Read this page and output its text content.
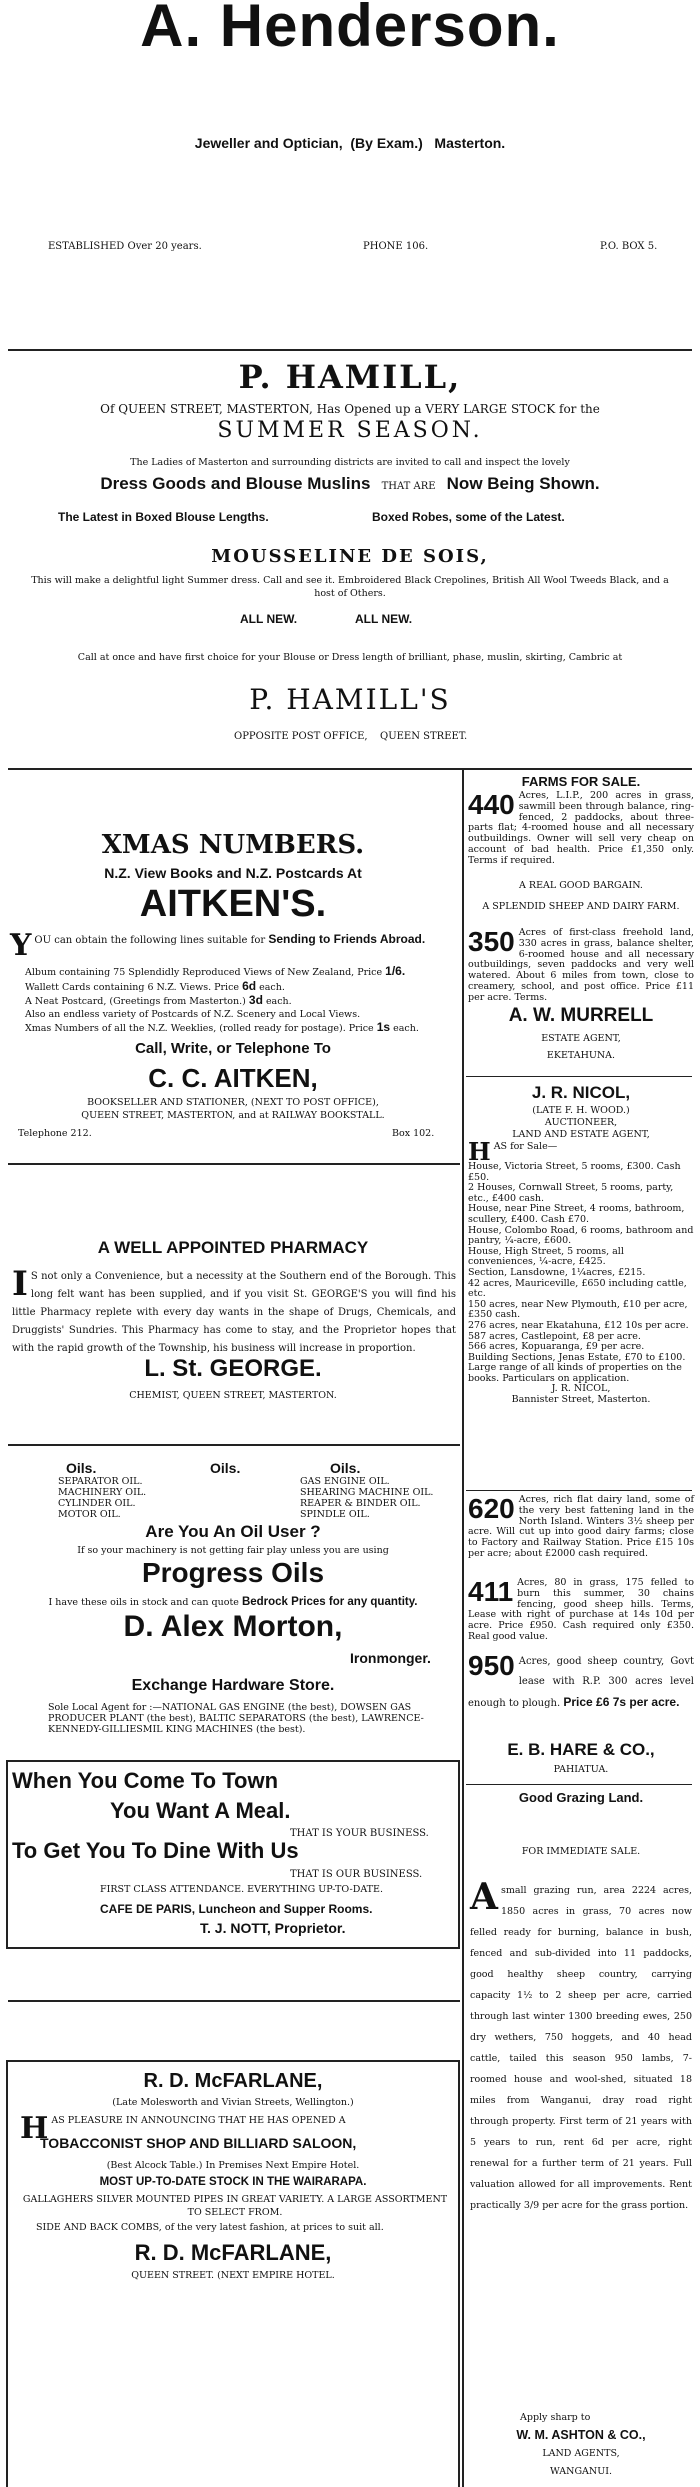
A. Henderson.
Jeweller and Optician,  (By Exam.)   Masterton.
ESTABLISHED Over 20 years.	PHONE 106.	P.O. BOX 5.
P. HAMILL,
Of QUEEN STREET, MASTERTON, Has Opened up a VERY LARGE STOCK for the
SUMMER SEASON.
The Ladies of Masterton and surrounding districts are invited to call and inspect the lovely
Dress Goods and Blouse Muslins THAT ARE Now Being Shown.
The Latest in Boxed Blouse Lengths.	Boxed Robes, some of the Latest.
MOUSSELINE DE SOIS,
This will make a delightful light Summer dress. Call and see it. Embroidered Black Crepolines, British All Wool Tweeds Black, and a host of Others.
ALL NEW.	ALL NEW.
Call at once and have first choice for your Blouse or Dress length of brilliant, phase, muslin, skirting, Cambric at
P. HAMILL'S
OPPOSITE POST OFFICE, QUEEN STREET.
XMAS NUMBERS.
N.Z. View Books and N.Z. Postcards At
AITKEN'S.
Y OU can obtain the following lines suitable for Sending to Friends Abroad.

Album containing 75 Splendidly Reproduced Views of New Zealand, Price 1/6.

Wallett Cards containing 6 N.Z. Views. Price 6d each.

A Neat Postcard, (Greetings from Masterton.) 3d each.

Also an endless variety of Postcards of N.Z. Scenery and Local Views.

Xmas Numbers of all the N.Z. Weeklies, (rolled ready for postage). Price 1s each.

Call, Write, or Telephone To
C. C. AITKEN,
BOOKSELLER AND STATIONER, (NEXT TO POST OFFICE),
QUEEN STREET, MASTERTON, and at RAILWAY BOOKSTALL.
Telephone 212.	Box 102.
A WELL APPOINTED PHARMACY
I S not only a Convenience, but a necessity at the Southern end of the Borough. This long felt want has been supplied, and if you visit St. GEORGE'S you will find his little Pharmacy replete with every day wants in the shape of Drugs, Chemicals, and Druggists' Sundries. This Pharmacy has come to stay, and the Proprietor hopes that with the rapid growth of the Township, his business will increase in proportion.
L. St. GEORGE.
CHEMIST, QUEEN STREET, MASTERTON.
Oils.	Oils.	Oils.

SEPARATOR OIL.

MACHINERY OIL.

CYLINDER OIL.

MOTOR OIL.

GAS ENGINE OIL.

SHEARING MACHINE OIL.

REAPER & BINDER OIL.

SPINDLE OIL.

Are You An Oil User ?
If so your machinery is not getting fair play unless you are using
Progress Oils
I have these oils in stock and can quote Bedrock Prices for any quantity.
D. Alex Morton,
Ironmonger.
Exchange Hardware Store.
Sole Local Agent for :—NATIONAL GAS ENGINE (the best), DOWSEN GAS PRODUCER PLANT (the best), BALTIC SEPARATORS (the best), LAWRENCE-KENNEDY-GILLIESMIL KING MACHINES (the best).
When You Come To Town
You Want A Meal.
THAT IS YOUR BUSINESS.
To Get You To Dine With Us
THAT IS OUR BUSINESS.
FIRST CLASS ATTENDANCE. EVERYTHING UP-TO-DATE.
CAFE DE PARIS, Luncheon and Supper Rooms.
T. J. NOTT, Proprietor.
R. D. McFARLANE,
(Late Molesworth and Vivian Streets, Wellington.)
H AS PLEASURE IN ANNOUNCING THAT HE HAS OPENED A
TOBACCONIST SHOP AND BILLIARD SALOON,
(Best Alcock Table.) In Premises Next Empire Hotel.
MOST UP-TO-DATE STOCK IN THE WAIRARAPA.
GALLAGHERS SILVER MOUNTED PIPES IN GREAT VARIETY. A LARGE ASSORTMENT TO SELECT FROM.
SIDE AND BACK COMBS, of the very latest fashion, at prices to suit all.
R. D. McFARLANE,
QUEEN STREET. (NEXT EMPIRE HOTEL.
FARMS FOR SALE.
440 Acres, L.I.P., 200 acres in grass, sawmill been through balance, ring-fenced, 2 paddocks, about three-parts flat; 4-roomed house and all necessary outbuildings. Owner will sell very cheap on account of bad health. Price £1,350 only. Terms if required.
A REAL GOOD BARGAIN.
A SPLENDID SHEEP AND DAIRY FARM.
350 Acres of first-class freehold land, 330 acres in grass, balance shelter, 6-roomed house and all necessary outbuildings, seven paddocks and very well watered. About 6 miles from town, close to creamery, school, and post office. Price £11 per acre. Terms.
A. W. MURRELL
ESTATE AGENT,
EKETAHUNA.
J. R. NICOL,
(LATE F. H. WOOD.)
AUCTIONEER,
LAND AND ESTATE AGENT,

HAS for Sale—

House, Victoria Street, 5 rooms, £300. Cash £50.

2 Houses, Cornwall Street, 5 rooms, party, etc., £400 cash.

House, near Pine Street, 4 rooms, bathroom, scullery, £400. Cash £70.

House, Colombo Road, 6 rooms, bathroom and pantry, ¼-acre, £600.

House, High Street, 5 rooms, all conveniences, ¼-acre, £425.

Section, Lansdowne, 1¼acres, £215.

42 acres, Mauriceville, £650 including cattle, etc.

150 acres, near New Plymouth, £10 per acre, £350 cash.

276 acres, near Ekatahuna, £12 10s per acre.

587 acres, Castlepoint, £8 per acre.

566 acres, Kopuaranga, £9 per acre.

Building Sections, Jenas Estate, £70 to £100.

Large range of all kinds of properties on the books. Particulars on application.

J. R. NICOL,

Bannister Street, Masterton.

620 Acres, rich flat dairy land, some of the very best fattening land in the North Island. Winters 3½ sheep per acre. Will cut up into good dairy farms; close to Factory and Railway Station. Price £15 10s per acre; about £2000 cash required.
411 Acres, 80 in grass, 175 felled to burn this summer, 30 chains fencing, good sheep hills. Terms, Lease with right of purchase at 14s 10d per acre. Price £950. Cash required only £350. Real good value.
950 Acres, good sheep country, Govt lease with R.P. 300 acres level enough to plough. Price £6 7s per acre.
E. B. HARE & CO.,
PAHIATUA.
Good Grazing Land.
FOR IMMEDIATE SALE.
A small grazing run, area 2224 acres, 1850 acres in grass, 70 acres now felled ready for burning, balance in bush, fenced and sub-divided into 11 paddocks, good healthy sheep country, carrying capacity 1½ to 2 sheep per acre, carried through last winter 1300 breeding ewes, 250 dry wethers, 750 hoggets, and 40 head cattle, tailed this season 950 lambs, 7-roomed house and wool-shed, situated 18 miles from Wanganui, dray road right through property. First term of 21 years with 5 years to run, rent 6d per acre, right renewal for a further term of 21 years. Full valuation allowed for all improvements. Rent practically 3/9 per acre for the grass portion.
Apply sharp to
W. M. ASHTON & CO.,
LAND AGENTS,
WANGANUI.
